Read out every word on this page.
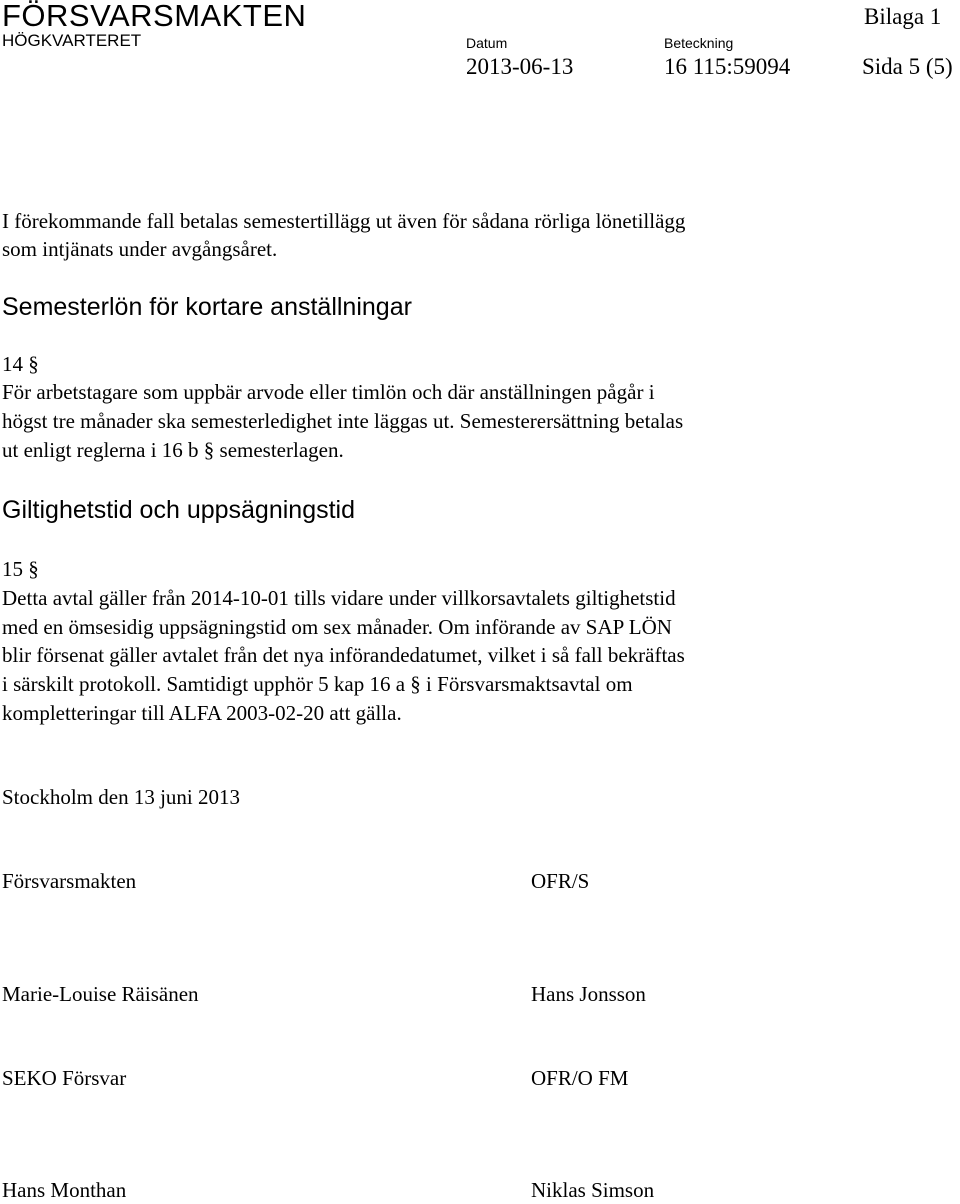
FÖRSVARSMAKTEN
HÖGKVARTERET
Bilaga 1
Datum	Beteckning
2013-06-13	16 115:59094	Sida 5 (5)
I förekommande fall betalas semestertillägg ut även för sådana rörliga lönetillägg
som intjänats under avgångsåret.
Semesterlön för kortare anställningar
14 §
För arbetstagare som uppbär arvode eller timlön och där anställningen pågår i
högst tre månader ska semesterledighet inte läggas ut. Semesterersättning betalas
ut enligt reglerna i 16 b § semesterlagen.
Giltighetstid och uppsägningstid
15 §
Detta avtal gäller från 2014-10-01 tills vidare under villkorsavtalets giltighetstid
med en ömsesidig uppsägningstid om sex månader. Om införande av SAP LÖN
blir försenat gäller avtalet från det nya införandedatumet, vilket i så fall bekräftas
i särskilt protokoll. Samtidigt upphör 5 kap 16 a § i Försvarsmaktsavtal om
kompletteringar till ALFA 2003-02-20 att gälla.
Stockholm den 13 juni 2013
Försvarsmakten	OFR/S
Marie-Louise Räisänen	Hans Jonsson
SEKO Försvar	OFR/O FM
Hans Monthan	Niklas Simson
